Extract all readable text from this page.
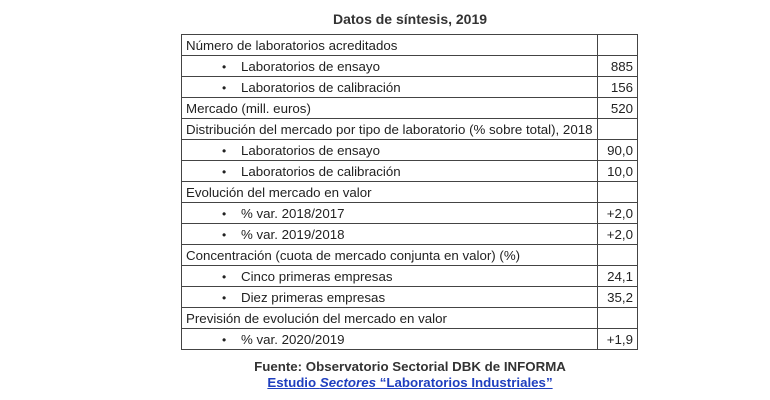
Datos de síntesis, 2019
Número de laboratorios acreditados	
• Laboratorios de ensayo	885
• Laboratorios de calibración	156
Mercado (mill. euros)	520
Distribución del mercado por tipo de laboratorio (% sobre total), 2018	
• Laboratorios de ensayo	90,0
• Laboratorios de calibración	10,0
Evolución del mercado en valor	
• % var. 2018/2017	+2,0
• % var. 2019/2018	+2,0
Concentración (cuota de mercado conjunta en valor) (%)	
• Cinco primeras empresas	24,1
• Diez primeras empresas	35,2
Previsión de evolución del mercado en valor	
• % var. 2020/2019	+1,9
Fuente: Observatorio Sectorial DBK de INFORMA
Estudio Sectores “Laboratorios Industriales”
